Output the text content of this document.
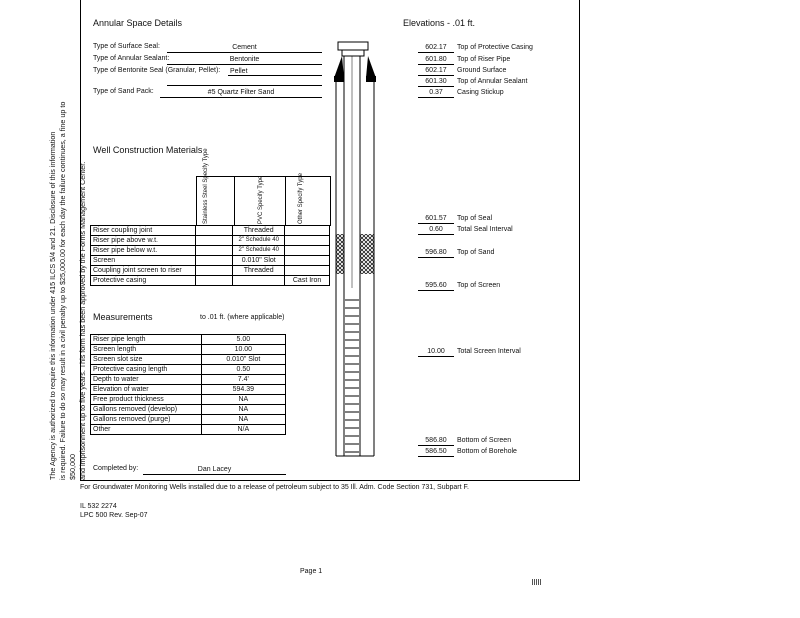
The Agency is authorized to require this information under 415 ILCS 5/4 and 21. Disclosure of this information is required. Failure to do so may result in a civil penalty up to $25,000.00 for each day the failure continues, a fine up to $50,000 and imprisonment up to five years. This form has been approved by the Forms Management Center.
Annular Space Details
Type of Surface Seal:	Cement
Type of Annular Sealant:	Bentonite
Type of Bentonite Seal (Granular, Pellet): Pellet
Type of Sand Pack:	#5 Quartz Filter Sand
Elevations - .01 ft.
602.17	Top of Protective Casing
601.80	Top of Riser Pipe
602.17	Ground Surface
601.30	Top of Annular Sealant
0.37	Casing Stickup
601.57	Top of Seal
0.60	Total Seal Interval
596.80	Top of Sand
595.60	Top of Screen
10.00	Total Screen Interval
586.80	Bottom of Screen
586.50	Bottom of Borehole
Well Construction Materials Stainless Steel Specify Type	PVC Specify Type	Other Specify Type
Riser coupling joint		Threaded	
Riser pipe above w.t.		2" Schedule 40	
Riser pipe below w.t.		2" Schedule 40	
Screen		0.010" Slot	
Coupling joint screen to riser		Threaded	
Protective casing			Cast Iron
Measurements	to .01 ft. (where applicable)
Riser pipe length	5.00
Screen length	10.00
Screen slot size	0.010" Slot
Protective casing length	0.50
Depth to water	7.4'
Elevation of water	594.39
Free product thickness	NA
Gallons removed (develop)	NA
Gallons removed (purge)	NA
Other	N/A
Completed by:	Dan Lacey
For Groundwater Monitoring Wells installed due to a release of petroleum subject to 35 Ill. Adm. Code Section 731, Subpart F.
IL 532 2274
LPC 500 Rev. Sep-07
Page 1
